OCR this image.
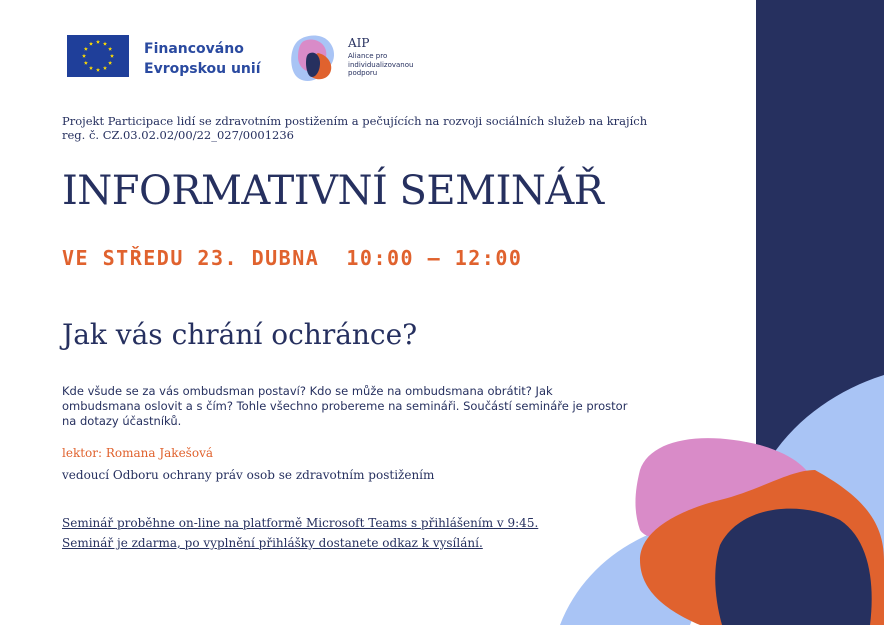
Financováno
Evropskou unií
AIP
Aliance pro
individualizovanou
podporu
Projekt Participace lidí se zdravotním postižením a pečujících na rozvoji sociálních služeb na krajích
reg. č. CZ.03.02.02/00/22_027/0001236
INFORMATIVNÍ SEMINÁŘ
VE STŘEDU 23. DUBNA  10:00 – 12:00
Jak vás chrání ochránce?
Kde všude se za vás ombudsman postaví? Kdo se může na ombudsmana obrátit? Jak ombudsmana oslovit a s čím? Tohle všechno probereme na semináři. Součástí semináře je prostor na dotazy účastníků.
lektor: Romana Jakešová
vedoucí Odboru ochrany práv osob se zdravotním postižením
Seminář proběhne on-line na platformě Microsoft Teams s přihlášením v 9:45.
Seminář je zdarma, po vyplnění přihlášky dostanete odkaz k vysílání.
